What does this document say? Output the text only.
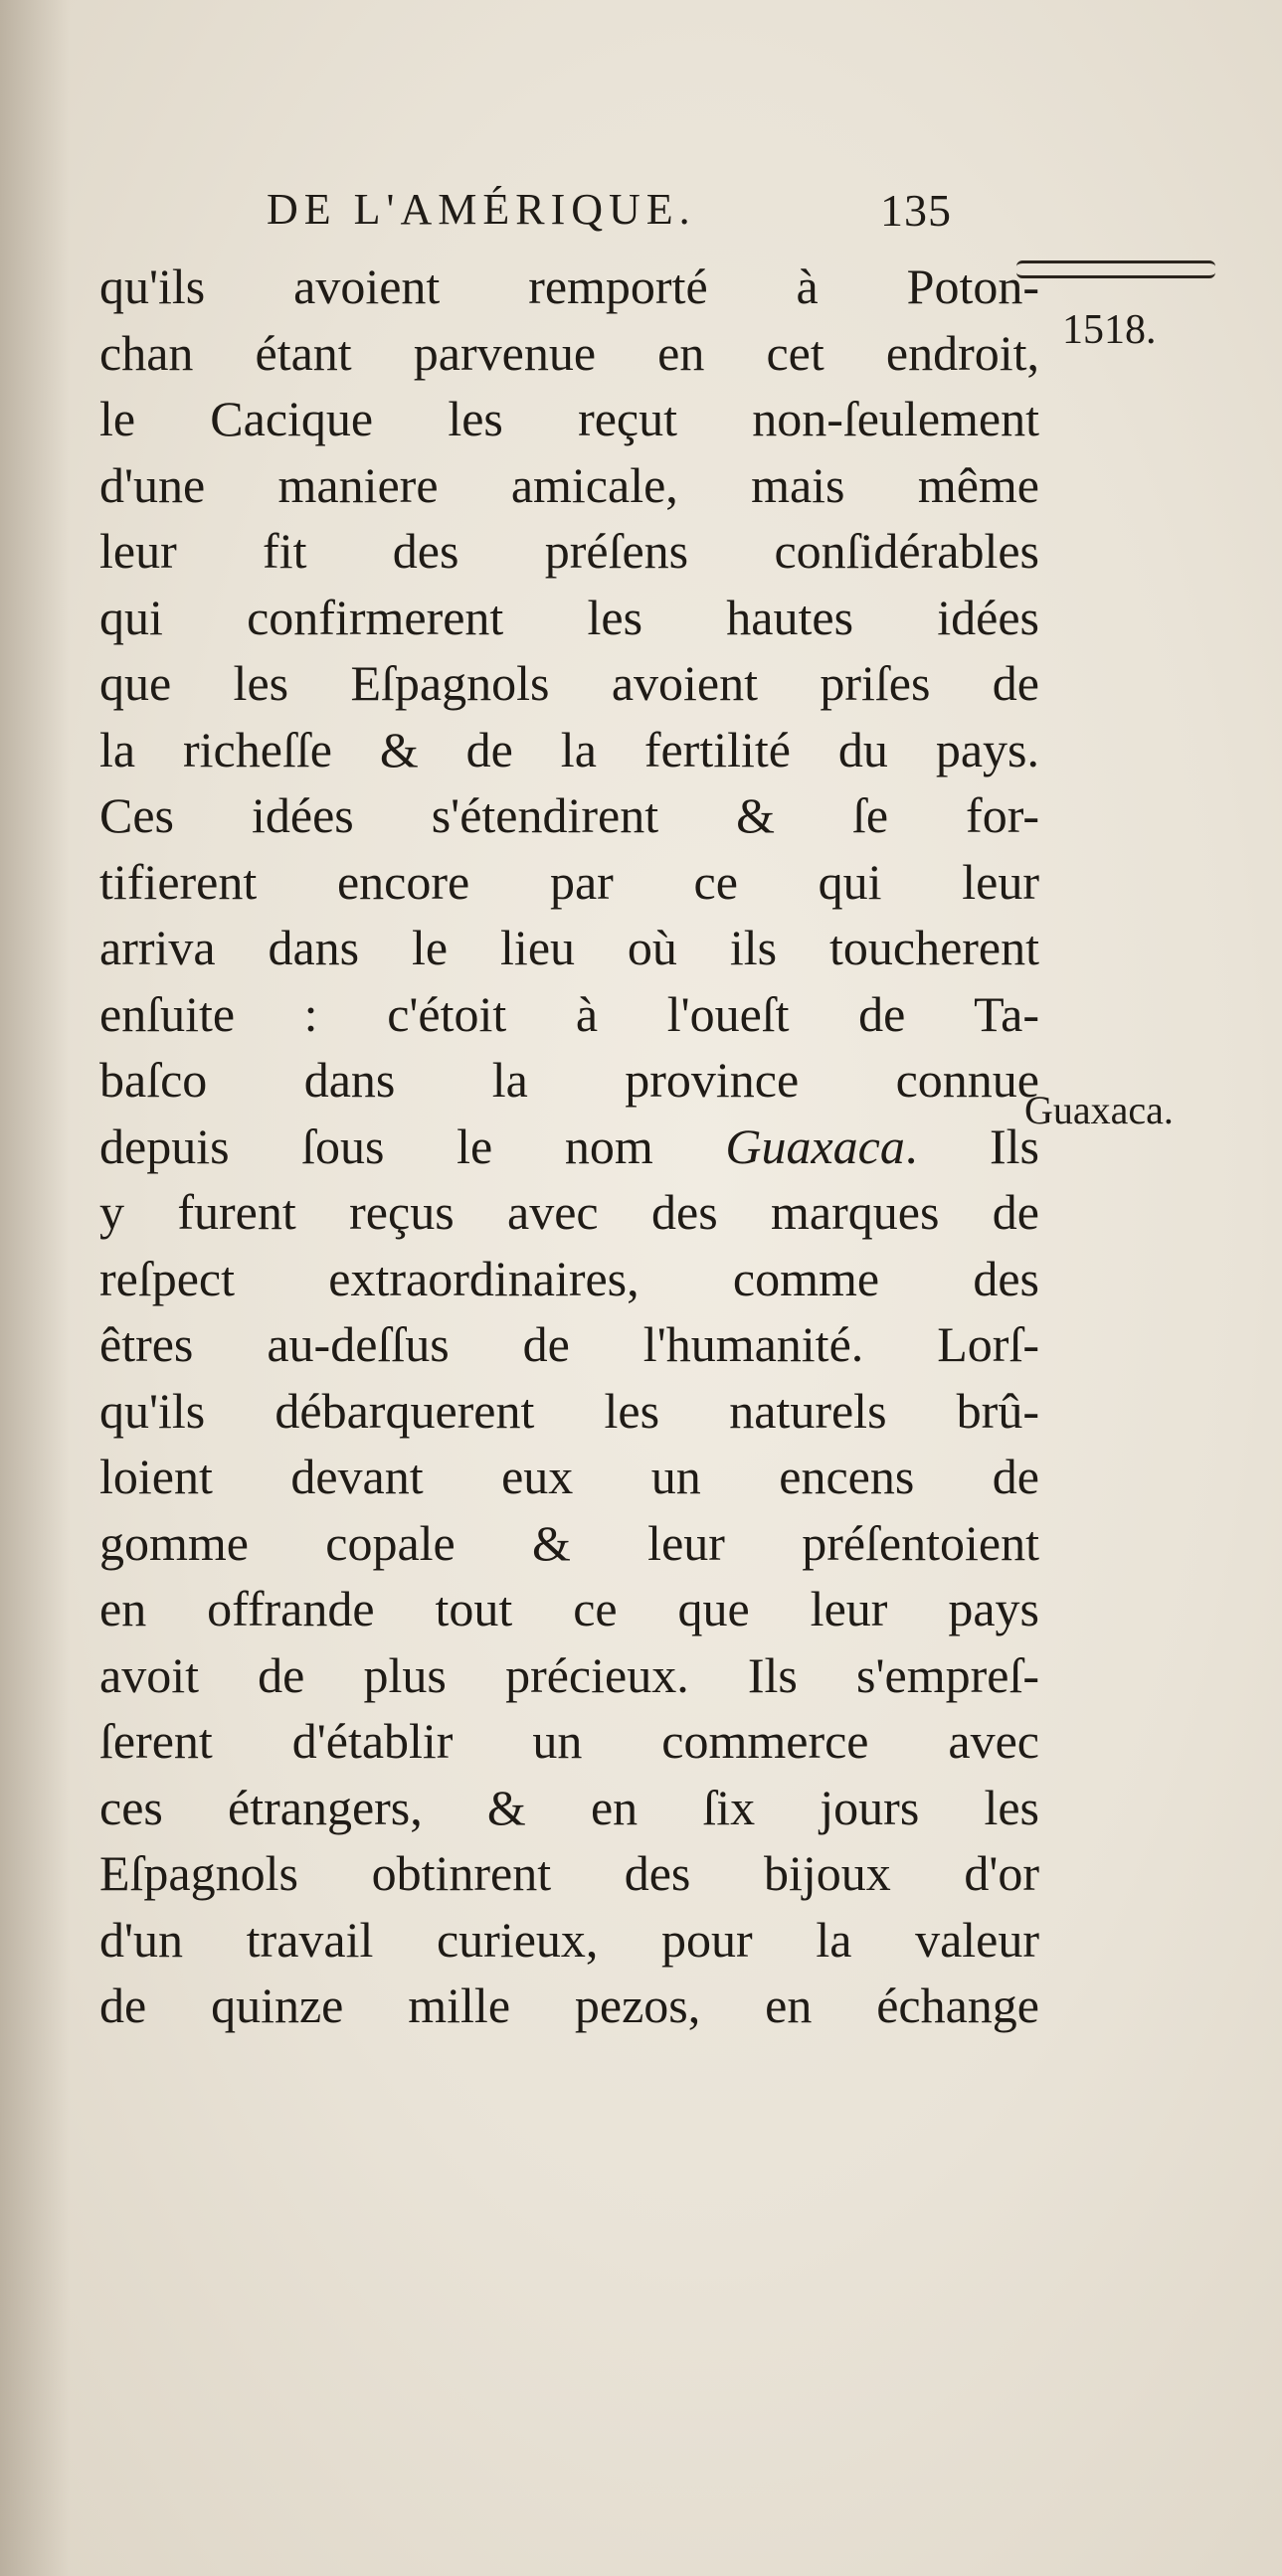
DE L'AMÉRIQUE.	135
1518.
Guaxaca.
qu'ils avoient remporté à Poton-
chan étant parvenue en cet endroit,
le Cacique les reçut non-ſeulement
d'une maniere amicale, mais même
leur fit des préſens conſidérables
qui confirmerent les hautes idées
que les Eſpagnols avoient priſes de
la richeſſe & de la fertilité du pays.
Ces idées s'étendirent & ſe for-
tifierent encore par ce qui leur
arriva dans le lieu où ils toucherent
enſuite : c'étoit à l'oueſt de Ta-
baſco dans la province connue
depuis ſous le nom Guaxaca. Ils
y furent reçus avec des marques de
reſpect extraordinaires, comme des
êtres au-deſſus de l'humanité. Lorſ-
qu'ils débarquerent les naturels brû-
loient devant eux un encens de
gomme copale & leur préſentoient
en offrande tout ce que leur pays
avoit de plus précieux. Ils s'empreſ-
ſerent d'établir un commerce avec
ces étrangers, & en ſix jours les
Eſpagnols obtinrent des bijoux d'or
d'un travail curieux, pour la valeur
de quinze mille pezos, en échange
